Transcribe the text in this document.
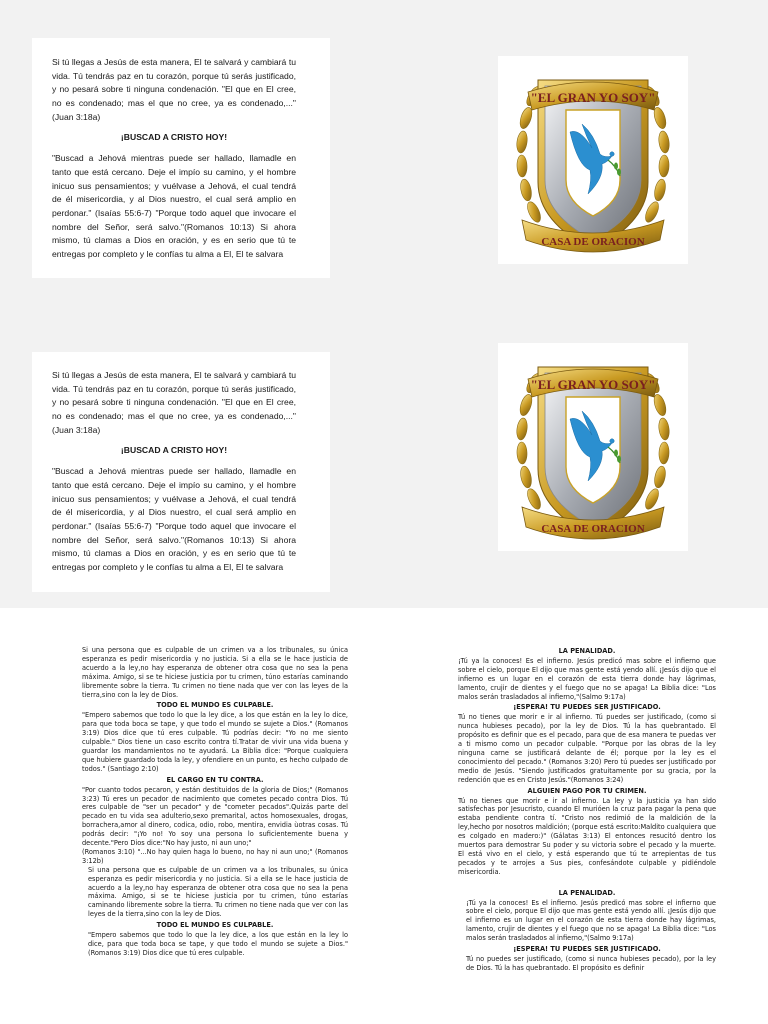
Si tú llegas a Jesús de esta manera, El te salvará y cambiará tu vida. Tú tendrás paz en tu corazón, porque tú serás justificado, y no pesará sobre ti ninguna condenación. "El que en El cree, no es condenado; mas el que no cree, ya es condenado,..." (Juan 3:18a)

¡BUSCAD A CRISTO HOY!

"Buscad a Jehová mientras puede ser hallado, llamadle en tanto que está cercano. Deje el impío su camino, y el hombre inicuo sus pensamientos; y vuélvase a Jehová, el cual tendrá de él misericordia, y al Dios nuestro, el cual será amplio en perdonar." (Isaías 55:6-7) "Porque todo aquel que invocare el nombre del Señor, será salvo."(Romanos 10:13) Si ahora mismo, tú clamas a Dios en oración, y es en serio que tú te entregas por completo y le confías tu alma a El, El te salvara

Si tú llegas a Jesús de esta manera, El te salvará y cambiará tu vida. Tú tendrás paz en tu corazón, porque tú serás justificado, y no pesará sobre ti ninguna condenación. "El que en El cree, no es condenado; mas el que no cree, ya es condenado,..." (Juan 3:18a)

¡BUSCAD A CRISTO HOY!

"Buscad a Jehová mientras puede ser hallado, llamadle en tanto que está cercano. Deje el impío su camino, y el hombre inicuo sus pensamientos; y vuélvase a Jehová, el cual tendrá de él misericordia, y al Dios nuestro, el cual será amplio en perdonar." (Isaías 55:6-7) "Porque todo aquel que invocare el nombre del Señor, será salvo."(Romanos 10:13) Si ahora mismo, tú clamas a Dios en oración, y es en serio que tú te entregas por completo y le confías tu alma a El, El te salvara

"EL GRAN YO SOY"
CASA DE ORACION
"EL GRAN YO SOY"
CASA DE ORACION

Si una persona que es culpable de un crimen va a los tribunales, su única esperanza es pedir misericordia y no justicia. Si a ella se le hace justicia de acuerdo a la ley,no hay esperanza de obtener otra cosa que no sea la pena máxima. Amigo, si se te hiciese justicia por tu crimen, túno estarías caminando libremente sobre la tierra. Tu crimen no tiene nada que ver con las leyes de la tierra,sino con la ley de Dios.

TODO EL MUNDO ES CULPABLE.

"Empero sabemos que todo lo que la ley dice, a los que están en la ley lo dice, para que toda boca se tape, y que todo el mundo se sujete a Dios." (Romanos 3:19) Dios dice que tú eres culpable. Tú podrías decir: "Yo no me siento culpable." Dios tiene un caso escrito contra tí.Tratar de vivir una vida buena y guardar los mandamientos no te ayudará. La Biblia dice: "Porque cualquiera que hubiere guardado toda la ley, y ofendiere en un punto, es hecho culpado de todos." (Santiago 2:10)

EL CARGO EN TU CONTRA.

"Por cuanto todos pecaron, y están destituidos de la gloria de Dios;" (Romanos 3:23) Tú eres un pecador de nacimiento que cometes pecado contra Dios. Tú eres culpable de "ser un pecador" y de "cometer pecados".Quizás parte del pecado en tu vida sea adulterio,sexo premarital, actos homosexuales, drogas, borrachera,amor al dinero, codica, odio, robo, mentira, envidia ùotras cosas. Tú podrás decir: "¡Yo no! Yo soy una persona lo suficientemente buena y decente."Pero Dios dice:"No hay justo, ni aun uno;"

(Romanos 3:10) "...No hay quien haga lo bueno, no hay ni aun uno;" (Romanos 3:12b)

Si una persona que es culpable de un crimen va a los tribunales, su única esperanza es pedir misericordia y no justicia. Si a ella se le hace justicia de acuerdo a la ley,no hay esperanza de obtener otra cosa que no sea la pena máxima. Amigo, si se te hiciese justicia por tu crimen, túno estarías caminando libremente sobre la tierra. Tu crimen no tiene nada que ver con las leyes de la tierra,sino con la ley de Dios.

TODO EL MUNDO ES CULPABLE.

"Empero sabemos que todo lo que la ley dice, a los que están en la ley lo dice, para que toda boca se tape, y que todo el mundo se sujete a Dios." (Romanos 3:19) Dios dice que tú eres culpable.

LA PENALIDAD.

¡Tú ya la conoces! Es el infierno. Jesús predicó mas sobre el infierno que sobre el cielo, porque El dijo que mas gente está yendo allí. ¡Jesús dijo que el infierno es un lugar en el corazón de esta tierra donde hay lágrimas, lamento, crujir de dientes y el fuego que no se apaga! La Biblia dice: "Los malos serán trasladados al infierno,"(Salmo 9:17a)

¡ESPERA! TU PUEDES SER JUSTIFICADO.

Tú no tienes que morir e ir al infierno. Tú puedes ser justificado, (como si nunca hubieses pecado), por la ley de Dios. Tú la has quebrantado. El propósito es definir que es el pecado, para que de esa manera te puedas ver a ti mismo como un pecador culpable. "Porque por las obras de la ley ninguna carne se justificará delante de él; porque por la ley es el conocimiento del pecado." (Romanos 3:20) Pero tú puedes ser justificado por medio de Jesús. "Siendo justificados gratuitamente por su gracia, por la redención que es en Cristo Jesús."(Romanos 3:24)

ALGUIEN PAGO POR TU CRIMEN.

Tú no tienes que morir e ir al infierno. La ley y la justicia ya han sido satisfechas por Jesucristo, cuando El murióen la cruz para pagar la pena que estaba pendiente contra tí. "Cristo nos redimió de la maldición de la ley,hecho por nosotros maldición; (porque está escrito:Maldito cualquiera que es colgado en madero:)" (Gálatas 3:13) El entonces resucitó dentro los muertos para demostrar Su poder y su victoria sobre el pecado y la muerte. El está vivo en el cielo, y está esperando que tú te arrepientas de tus pecados y te arrojes a Sus pies, confesándote culpable y pidiéndole misericordia.

LA PENALIDAD.

¡Tú ya la conoces! Es el infierno. Jesús predicó mas sobre el infierno que sobre el cielo, porque El dijo que mas gente está yendo allí. ¡Jesús dijo que el infierno es un lugar en el corazón de esta tierra donde hay lágrimas, lamento, crujir de dientes y el fuego que no se apaga! La Biblia dice: "Los malos serán trasladados al infierno,"(Salmo 9:17a)

¡ESPERA! TU PUEDES SER JUSTIFICADO.

Tú no puedes ser justificado, (como si nunca hubieses pecado), por la ley de Dios. Tú la has quebrantado. El propósito es definir
